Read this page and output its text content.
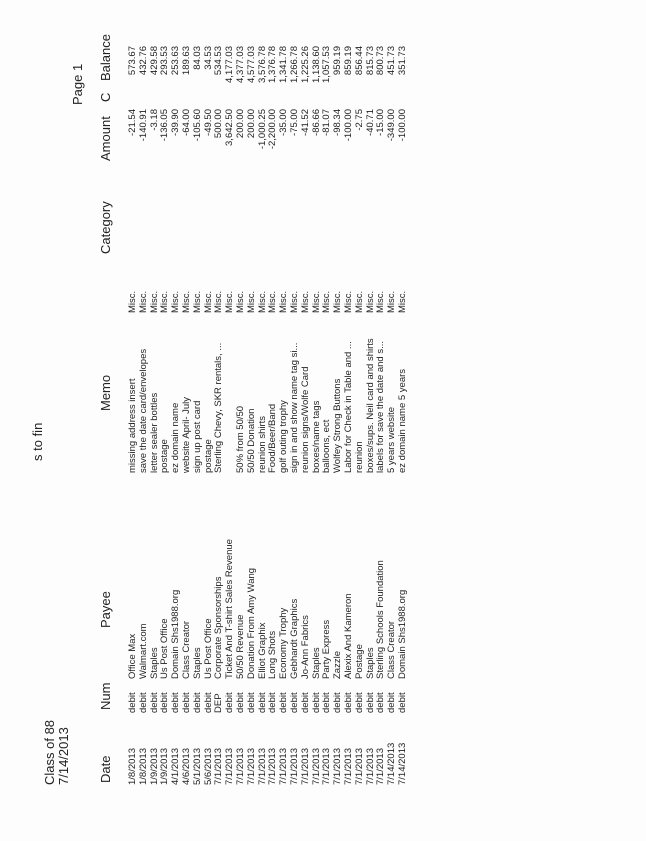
s to fin
Class of 88 7/14/2013
Page 1
Date
Num
Payee
Memo
Category
Amount
C
Balance
1/8/2013
debit
Office Max
missing address insert
Misc.
-21.54
573.67
1/8/2013
debit
Walmart.com
save the date card/envelopes
Misc.
-140.91
432.76
1/9/2013
debit
Staples
letter sealer bottles
Misc.
-3.18
429.58
1/9/2013
debit
Us Post Office
postage
Misc.
-136.05
293.53
4/1/2013
debit
Domain Shs1988.org
ez domain name
Misc.
-39.90
253.63
4/6/2013
debit
Class Creator
website April- July
Misc.
-64.00
189.63
5/1/2013
debit
Staples
sign up post card
Misc.
-105.60
84.03
5/6/2013
debit
Us Post Office
postage
Misc.
-49.50
34.53
7/1/2013
DEP
Corporate Sponsorships
Sterling Chevy, SKR rentals, ...
Misc.
500.00
534.53
7/1/2013
debit
Ticket And T-shirt Sales Revenue
Misc.
3,642.50
4,177.03
7/1/2013
debit
50/50 Revenue
50% from 50/50
Misc.
200.00
4,377.03
7/1/2013
debit
Donation From Amy Wang
50/50 Donation
Misc.
200.00
4,577.03
7/1/2013
debit
Elliot Graphix
reunion shirts
Misc.
-1,000.25
3,576.78
7/1/2013
debit
Long Shots
Food/Beer/Band
Misc.
-2,200.00
1,376.78
7/1/2013
debit
Economy Trophy
golf outing trophy
Misc.
-35.00
1,341.78
7/1/2013
debit
Gebhardt Graphics
sign in and show name tag si...
Misc.
-75.00
1,266.78
7/1/2013
debit
Jo-Ann Fabrics
reunion signs/Wolfe Card
Misc.
-41.52
1,225.26
7/1/2013
debit
Staples
boxes/name tags
Misc.
-86.66
1,138.60
7/1/2013
debit
Party Express
balloons, ect
Misc.
-81.07
1,057.53
7/1/2013
debit
Zazzle
Wolfey Strong Buttons
Misc.
-98.34
959.19
7/1/2013
debit
Alexix And Kameron
Labor for Check in Table and ...
Misc.
-100.00
859.19
7/1/2013
debit
Postage
reunion
Misc.
-2.75
856.44
7/1/2013
debit
Staples
boxes/sups. Neil card and shirts
Misc.
-40.71
815.73
7/1/2013
debit
Sterling Schools Foundation
labels for save the date and s...
Misc.
-15.00
800.73
7/14/2013
debit
Class Creator
5 years website
Misc.
-349.00
451.73
7/14/2013
debit
Domain Shs1988.org
ez domain name 5 years
Misc.
-100.00
351.73
